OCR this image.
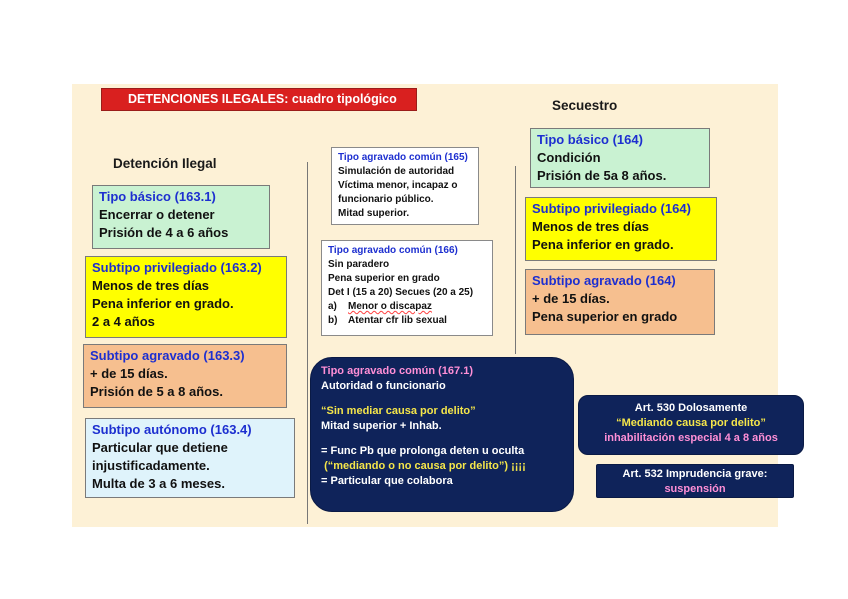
DETENCIONES ILEGALES: cuadro tipológico	Secuestro
Detención Ilegal
Tipo básico (163.1)
Encerrar o detener
Prisión de 4 a 6 años
Subtipo privilegiado (163.2)
Menos de tres días
Pena inferior en grado.
2 a 4 años
Subtipo agravado (163.3)
+ de 15 días.
Prisión de 5 a 8 años.
Subtipo autónomo (163.4)
Particular que detiene
injustificadamente.
Multa de 3 a 6 meses.
Tipo agravado común (165)
Simulación de autoridad
Víctima menor, incapaz o
funcionario público.
Mitad superior.
Tipo agravado común (166)
Sin paradero
Pena superior en grado
Det I (15 a 20) Secues (20 a 25)
a)	Menor o discapaz
b)	Atentar cfr lib sexual
Tipo agravado común (167.1)
Autoridad o funcionario
“Sin mediar causa por delito”
Mitad superior + Inhab.
= Func Pb que prolonga deten u oculta
(“mediando o no causa por delito”) ¡¡¡¡
= Particular que colabora
Tipo básico (164)
Condición
Prisión de 5a 8 años.
Subtipo privilegiado (164)
Menos de tres días
Pena inferior en grado.
Subtipo agravado (164)
+ de 15 días.
Pena superior en grado
Art. 530 Dolosamente
“Mediando causa por delito”
inhabilitación especial 4 a 8 años
Art. 532 Imprudencia grave:
suspensión
